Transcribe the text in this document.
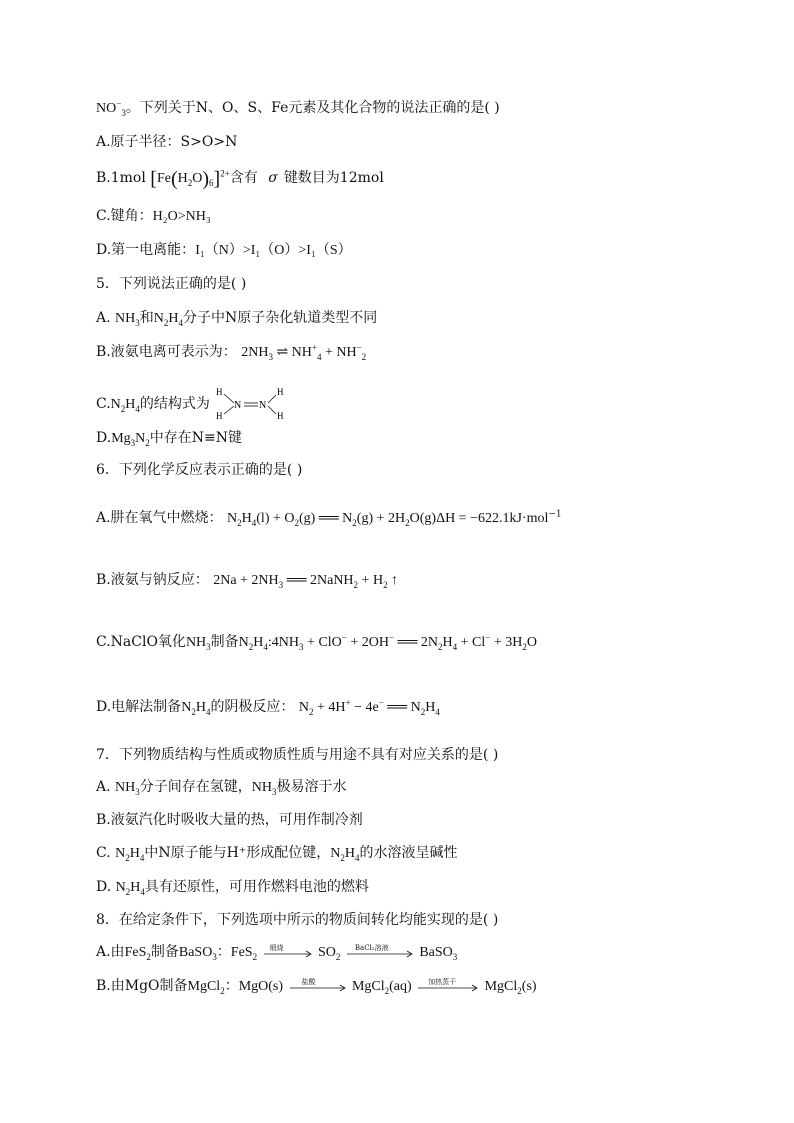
$NO^-_3$。下列关于N、O、S、Fe元素及其化合物的说法正确的是( )
A.原子半径：S>O>N
B.1mol $[Fe(H_2O)_6]^{2+}$含有 σ 键数目为12mol
C.键角：H₂O>NH₃
D.第一电离能：I₁（N）>I₁（O）>I₁（S）
5．下列说法正确的是( )
A. $NH_3$和$N_2H_4$分子中N原子杂化轨道类型不同
B.液氨电离可表示为： $2NH_3$ ⇌ $NH^+_4 + NH^-_2$
$C.N_2H_4$的结构式为
H
H
N N
H
H
$D.Mg_3N_2$中存在N≡N键
6．下列化学反应表示正确的是( )
A.肼在氧气中燃烧： $N_2H_4(l) + O_2(g)$ ══ $N_2(g) + 2H_2O(g)\Delta H = -622.1kJ\cdot mol^{-1}$
B.液氨与钠反应： $2Na + 2NH_3$ ══ 2NaNH$_2$ + $H_2$ ↑
C.NaClO氧化$NH_3$制备$N_2H_4:4NH_3 + ClO^- + 2OH^-$ ══ $2N_2H_4 + Cl^- + 3H_2O$
D.电解法制备$N_2H_4$的阴极反应： $N_2 + 4H^+ - 4e^-$ ══ $N_2H_4$
7．下列物质结构与性质或物质性质与用途不具有对应关系的是( )
A. $NH_3$分子间存在氢键，$NH_3$极易溶于水
B.液氨汽化时吸收大量的热，可用作制冷剂
C. $N_2H_4$中N原子能与H⁺形成配位键，$N_2H_4$的水溶液呈碱性
D. $N_2H_4$具有还原性，可用作燃料电池的燃料
8．在给定条件下，下列选项中所示的物质间转化均能实现的是( )
A.由FeS$_2$制备BaSO$_3$：FeS$_2$
煅烧 $SO_2$
BaCl₂溶液 BaSO$_3$
B.由MgO制备MgCl$_2$：MgO(s)	盐酸	MgCl$_2$(aq) 加热蒸干 MgCl$_2$(s)
